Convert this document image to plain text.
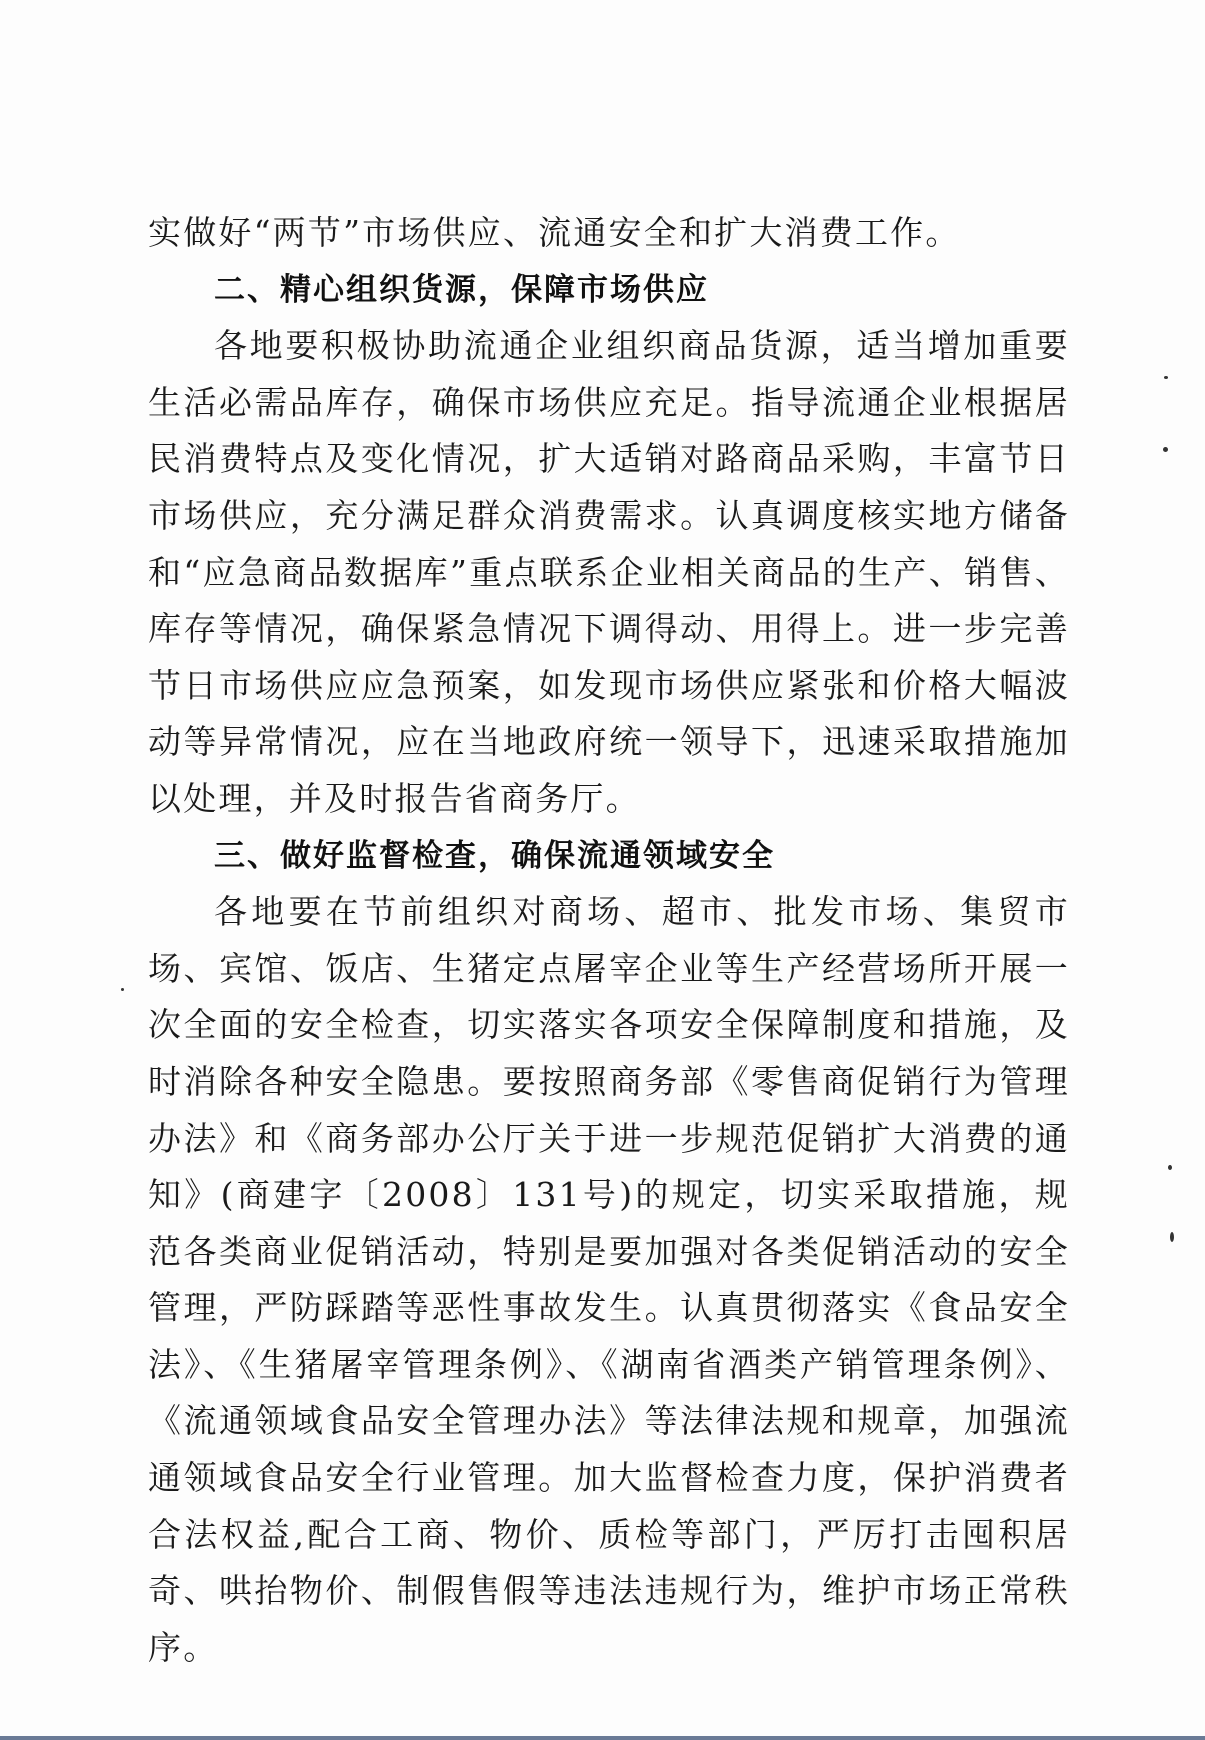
实做好“两节”市场供应、流通安全和扩大消费工作。

二、精心组织货源，保障市场供应

各地要积极协助流通企业组织商品货源，适当增加重要生活必需品库存，确保市场供应充足。指导流通企业根据居民消费特点及变化情况，扩大适销对路商品采购，丰富节日市场供应，充分满足群众消费需求。认真调度核实地方储备和“应急商品数据库”重点联系企业相关商品的生产、销售、库存等情况，确保紧急情况下调得动、用得上。进一步完善节日市场供应应急预案，如发现市场供应紧张和价格大幅波动等异常情况，应在当地政府统一领导下，迅速采取措施加以处理，并及时报告省商务厅。

三、做好监督检查，确保流通领域安全

各地要在节前组织对商场、超市、批发市场、集贸市场、宾馆、饭店、生猪定点屠宰企业等生产经营场所开展一次全面的安全检查，切实落实各项安全保障制度和措施，及时消除各种安全隐患。要按照商务部《零售商促销行为管理办法》和《商务部办公厅关于进一步规范促销扩大消费的通知》(商建字〔2008〕131号)的规定，切实采取措施，规范各类商业促销活动，特别是要加强对各类促销活动的安全管理，严防踩踏等恶性事故发生。认真贯彻落实《食品安全法》、《生猪屠宰管理条例》、《湖南省酒类产销管理条例》、《流通领域食品安全管理办法》等法律法规和规章，加强流通领域食品安全行业管理。加大监督检查力度，保护消费者合法权益,配合工商、物价、质检等部门，严厉打击囤积居奇、哄抬物价、制假售假等违法违规行为，维护市场正常秩序。
